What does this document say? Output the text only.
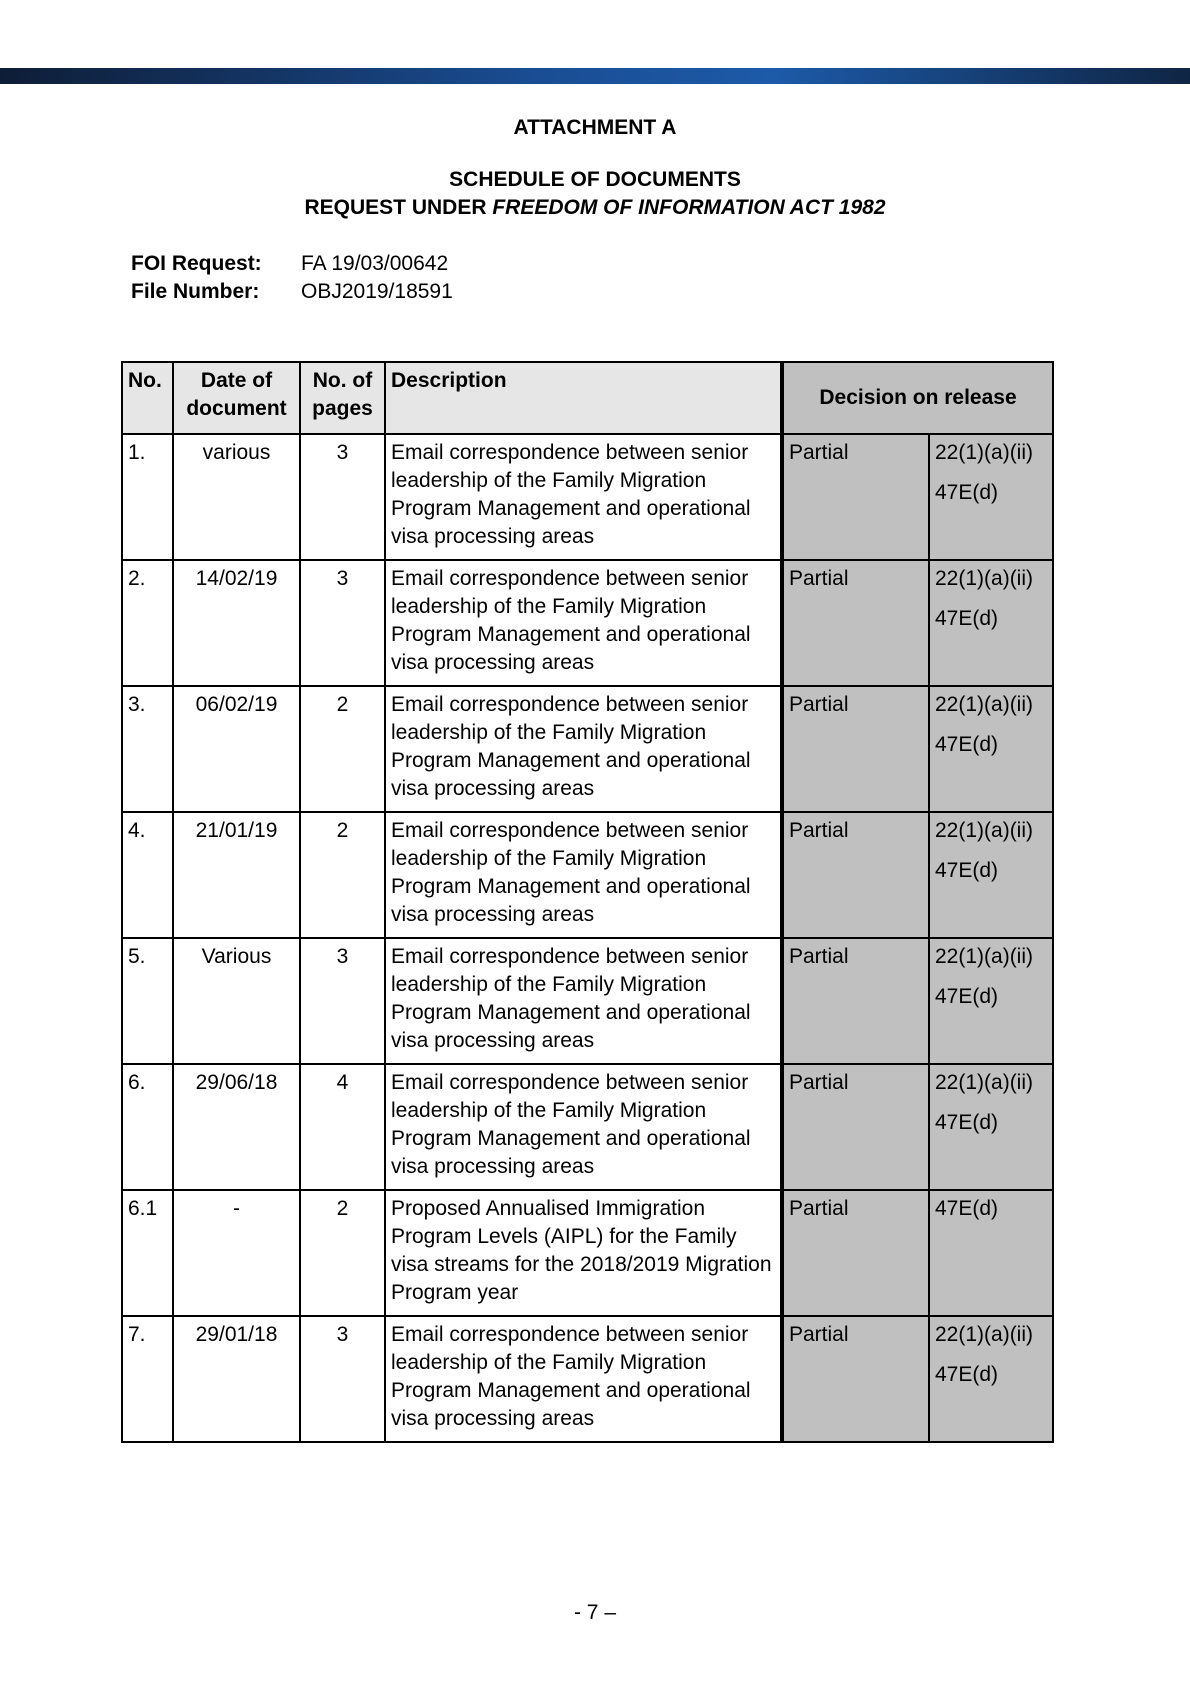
ATTACHMENT A
SCHEDULE OF DOCUMENTS
REQUEST UNDER FREEDOM OF INFORMATION ACT 1982
FOI Request: FA 19/03/00642
File Number: OBJ2019/18591
No.	Date of document	No. of pages	Description	Decision on release	
1.	various	3	Email correspondence between senior leadership of the Family Migration Program Management and operational visa processing areas	Partial	22(1)(a)(ii)
47E(d)

2.	14/02/19	3	Email correspondence between senior leadership of the Family Migration Program Management and operational visa processing areas	Partial	22(1)(a)(ii)
47E(d)

3.	06/02/19	2	Email correspondence between senior leadership of the Family Migration Program Management and operational visa processing areas	Partial	22(1)(a)(ii)
47E(d)

4.	21/01/19	2	Email correspondence between senior leadership of the Family Migration Program Management and operational visa processing areas	Partial	22(1)(a)(ii)
47E(d)

5.	Various	3	Email correspondence between senior leadership of the Family Migration Program Management and operational visa processing areas	Partial	22(1)(a)(ii)
47E(d)

6.	29/06/18	4	Email correspondence between senior leadership of the Family Migration Program Management and operational visa processing areas	Partial	22(1)(a)(ii)
47E(d)

6.1	-	2	Proposed Annualised Immigration Program Levels (AIPL) for the Family visa streams for the 2018/2019 Migration Program year	Partial	47E(d)

7.	29/01/18	3	Email correspondence between senior leadership of the Family Migration Program Management and operational visa processing areas	Partial	22(1)(a)(ii)
47E(d)
- 7 –
